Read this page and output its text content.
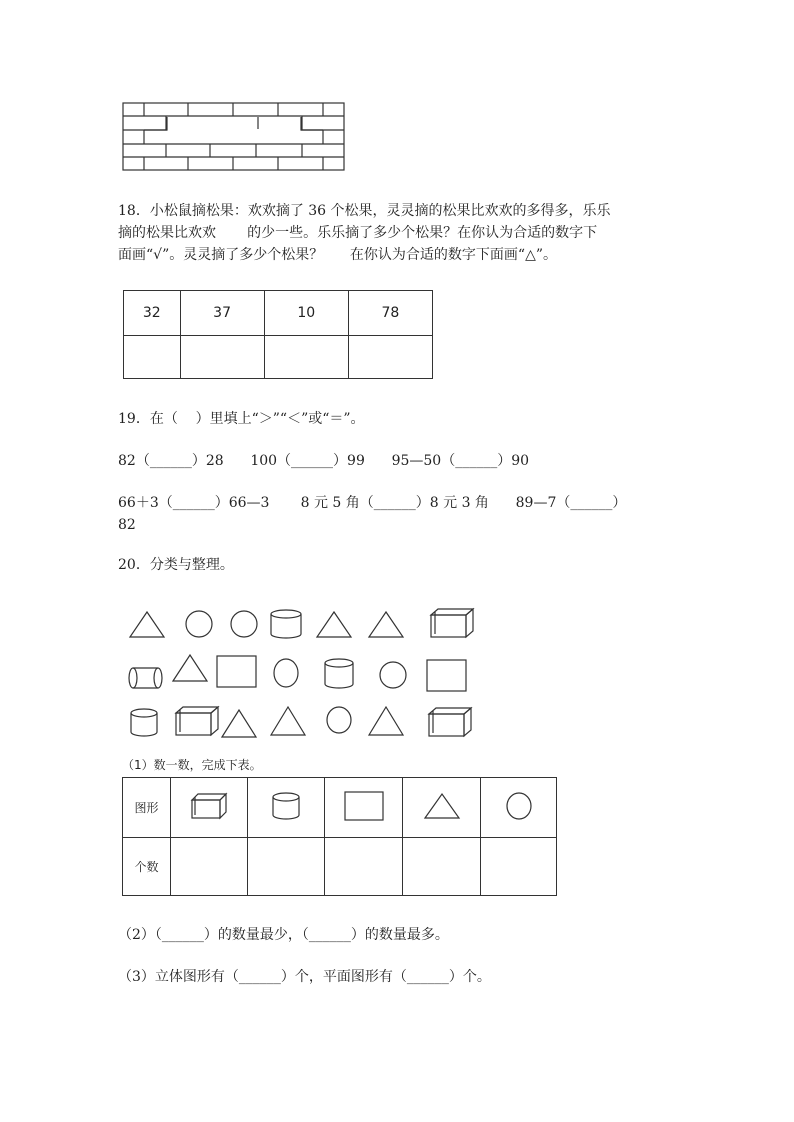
18．小松鼠摘松果：欢欢摘了 36 个松果，灵灵摘的松果比欢欢的多得多，乐乐
摘的松果比欢欢       的少一些。乐乐摘了多少个松果？在你认为合适的数字下
面画“√”。灵灵摘了多少个松果？      在你认为合适的数字下面画“△”。
32	37	10	78

19．在（    ）里填上“＞”“＜”或“＝”。
82（______）28      100（______）99      95—50（______）90
66＋3（______）66—3       8 元 5 角（______）8 元 3 角      89—7（______）
82
20．分类与整理。
（1）数一数，完成下表。
图形					
个数					
（2）（______）的数量最少，（______）的数量最多。
（3）立体图形有（______）个，平面图形有（______）个。
